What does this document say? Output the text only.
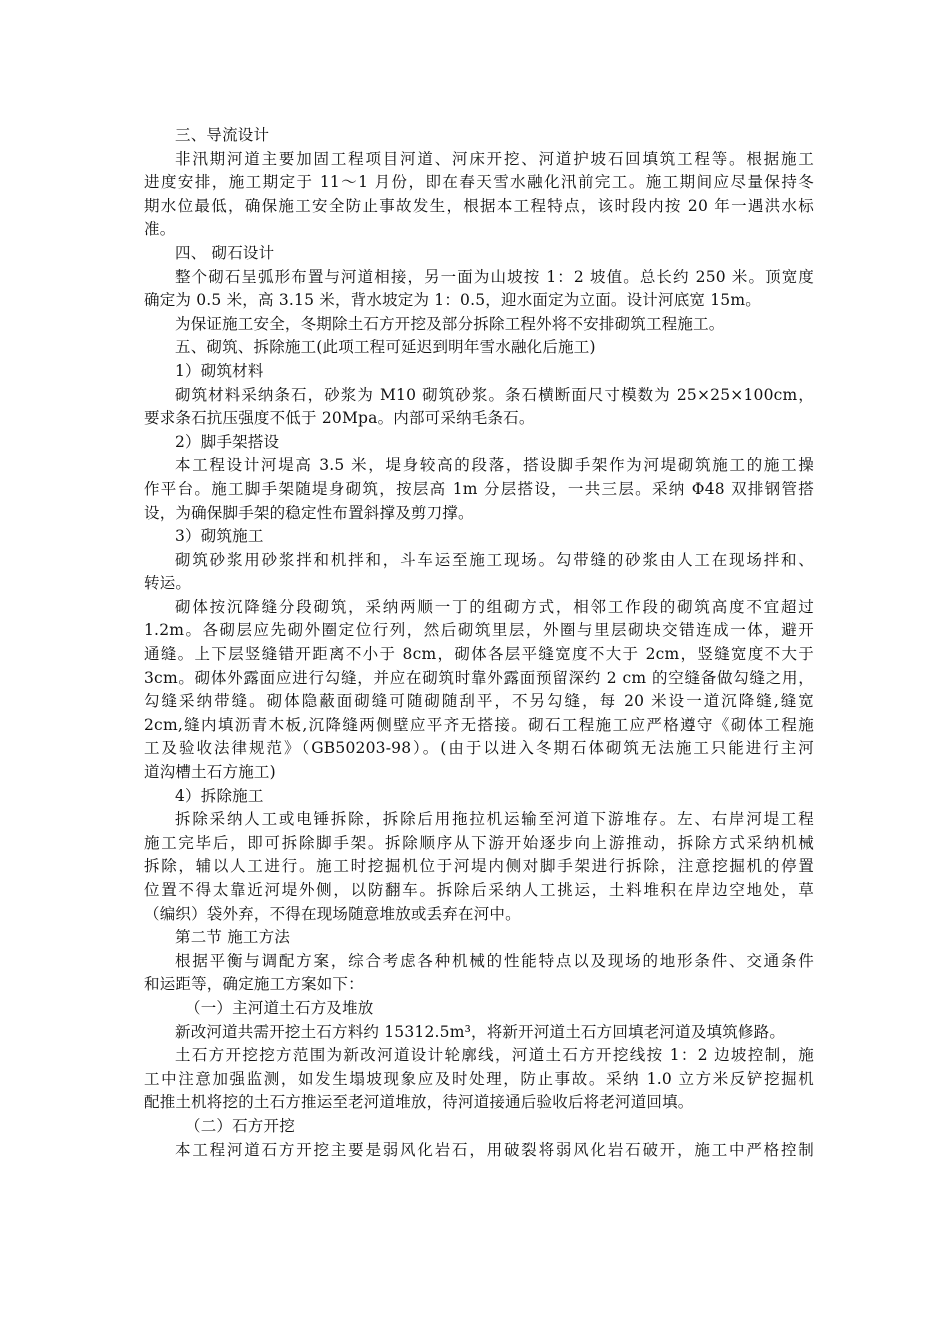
三、导流设计
非汛期河道主要加固工程项目河道、河床开挖、河道护坡石回填筑工程等。根据施工
进度安排，施工期定于 11～1 月份，即在春天雪水融化汛前完工。施工期间应尽量保持冬
期水位最低，确保施工安全防止事故发生，根据本工程特点，该时段内按 20 年一遇洪水标
准。
四、 砌石设计
整个砌石呈弧形布置与河道相接，另一面为山坡按 1：2 坡值。总长约 250 米。顶宽度
确定为 0.5 米，高 3.15 米，背水坡定为 1：0.5，迎水面定为立面。设计河底宽 15m。
为保证施工安全，冬期除土石方开挖及部分拆除工程外将不安排砌筑工程施工。
五、砌筑、拆除施工(此项工程可延迟到明年雪水融化后施工)
1）砌筑材料
砌筑材料采纳条石，砂浆为 M10 砌筑砂浆。条石横断面尺寸模数为 25×25×100cm，
要求条石抗压强度不低于 20Mpa。内部可采纳毛条石。
2）脚手架搭设
本工程设计河堤高 3.5 米，堤身较高的段落，搭设脚手架作为河堤砌筑施工的施工操
作平台。施工脚手架随堤身砌筑，按层高 1m 分层搭设，一共三层。采纳 Φ48 双排钢管搭
设，为确保脚手架的稳定性布置斜撑及剪刀撑。
3）砌筑施工
砌筑砂浆用砂浆拌和机拌和，斗车运至施工现场。勾带缝的砂浆由人工在现场拌和、
转运。
砌体按沉降缝分段砌筑，采纳两顺一丁的组砌方式，相邻工作段的砌筑高度不宜超过
1.2m。各砌层应先砌外圈定位行列，然后砌筑里层，外圈与里层砌块交错连成一体，避开
通缝。上下层竖缝错开距离不小于 8cm，砌体各层平缝宽度不大于 2cm，竖缝宽度不大于
3cm。砌体外露面应进行勾缝，并应在砌筑时靠外露面预留深约 2 cm 的空缝备做勾缝之用，
勾缝采纳带缝。砌体隐蔽面砌缝可随砌随刮平，不另勾缝，每 20 米设一道沉降缝,缝宽
2cm,缝内填沥青木板,沉降缝两侧壁应平齐无搭接。砌石工程施工应严格遵守《砌体工程施
工及验收法律规范》（GB50203-98）。(由于以进入冬期石体砌筑无法施工只能进行主河
道沟槽土石方施工)
4）拆除施工
拆除采纳人工或电锤拆除，拆除后用拖拉机运输至河道下游堆存。左、右岸河堤工程
施工完毕后，即可拆除脚手架。拆除顺序从下游开始逐步向上游推动，拆除方式采纳机械
拆除，辅以人工进行。施工时挖掘机位于河堤内侧对脚手架进行拆除，注意挖掘机的停置
位置不得太靠近河堤外侧，以防翻车。拆除后采纳人工挑运，土料堆积在岸边空地处，草
（编织）袋外弃，不得在现场随意堆放或丢弃在河中。
第二节 施工方法
根据平衡与调配方案，综合考虑各种机械的性能特点以及现场的地形条件、交通条件
和运距等，确定施工方案如下：
（一）主河道土石方及堆放
新改河道共需开挖土石方料约 15312.5m³，将新开河道土石方回填老河道及填筑修路。
土石方开挖挖方范围为新改河道设计轮廓线，河道土石方开挖线按 1：2 边坡控制，施
工中注意加强监测，如发生塌坡现象应及时处理，防止事故。采纳 1.0 立方米反铲挖掘机
配推土机将挖的土石方推运至老河道堆放，待河道接通后验收后将老河道回填。
（二）石方开挖
本工程河道石方开挖主要是弱风化岩石，用破裂将弱风化岩石破开，施工中严格控制
